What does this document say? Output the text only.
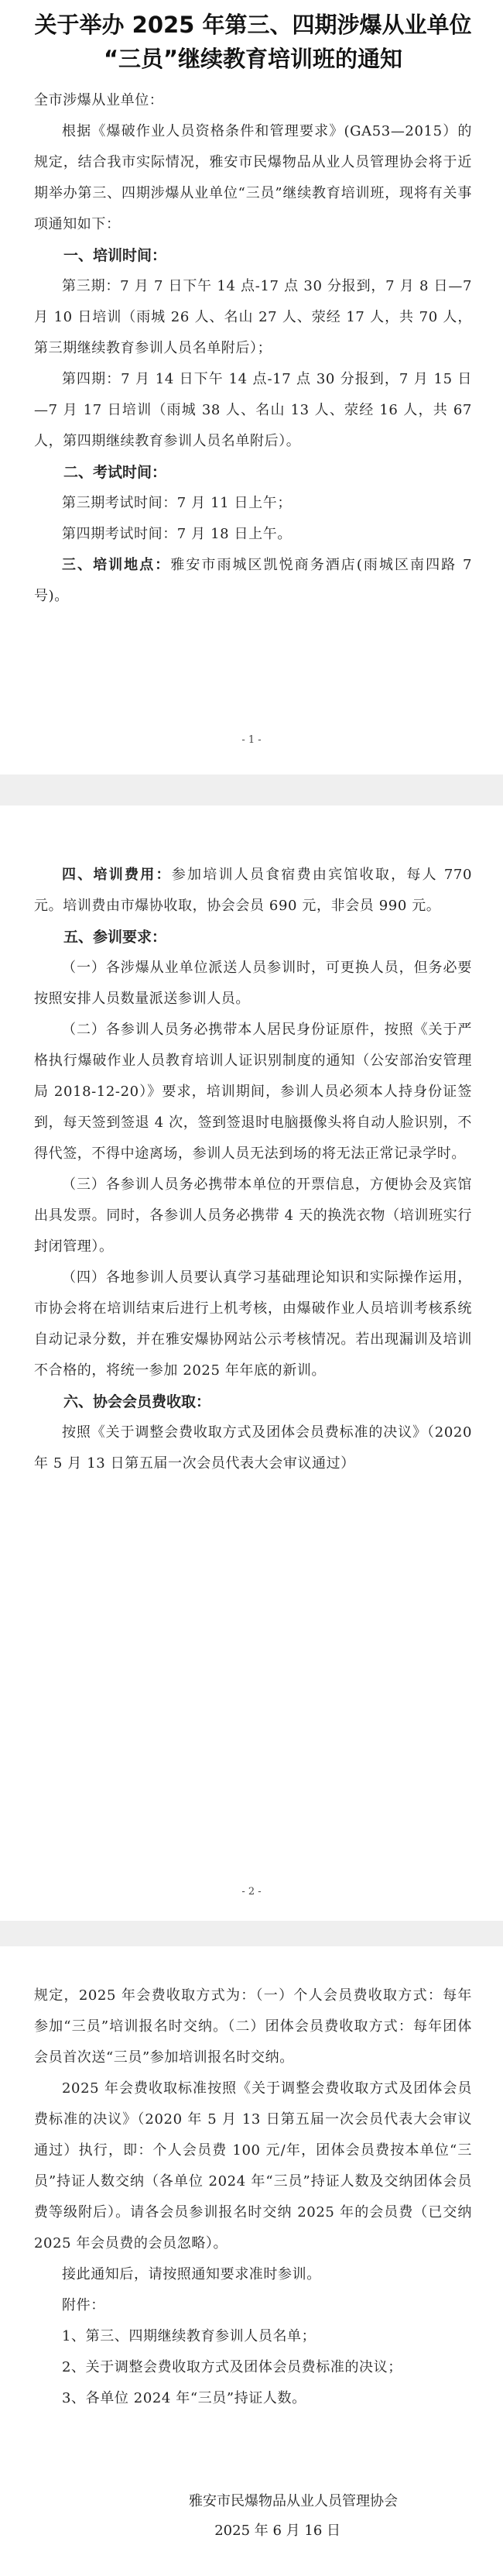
关于举办 2025 年第三、四期涉爆从业单位
“三员”继续教育培训班的通知

全市涉爆从业单位：

根据《爆破作业人员资格条件和管理要求》(GA53—2015）的规定，结合我市实际情况，雅安市民爆物品从业人员管理协会将于近期举办第三、四期涉爆从业单位“三员”继续教育培训班，现将有关事项通知如下：

一、培训时间：

第三期：7 月 7 日下午 14 点-17 点 30 分报到，7 月 8 日—7 月 10 日培训（雨城 26 人、名山 27 人、荥经 17 人，共 70 人，第三期继续教育参训人员名单附后）；

第四期：7 月 14 日下午 14 点-17 点 30 分报到，7 月 15 日—7 月 17 日培训（雨城 38 人、名山 13 人、荥经 16 人，共 67 人，第四期继续教育参训人员名单附后）。

二、考试时间：

第三期考试时间：7 月 11 日上午；

第四期考试时间：7 月 18 日上午。

三、培训地点：雅安市雨城区凯悦商务酒店(雨城区南四路 7 号)。

- 1 -

四、培训费用：参加培训人员食宿费由宾馆收取，每人 770 元。培训费由市爆协收取，协会会员 690 元，非会员 990 元。

五、参训要求：

（一）各涉爆从业单位派送人员参训时，可更换人员，但务必要按照安排人员数量派送参训人员。

（二）各参训人员务必携带本人居民身份证原件，按照《关于严格执行爆破作业人员教育培训人证识别制度的通知（公安部治安管理局 2018-12-20）》要求，培训期间，参训人员必须本人持身份证签到，每天签到签退 4 次，签到签退时电脑摄像头将自动人脸识别，不得代签，不得中途离场，参训人员无法到场的将无法正常记录学时。

（三）各参训人员务必携带本单位的开票信息，方便协会及宾馆出具发票。同时，各参训人员务必携带 4 天的换洗衣物（培训班实行封闭管理）。

（四）各地参训人员要认真学习基础理论知识和实际操作运用，市协会将在培训结束后进行上机考核，由爆破作业人员培训考核系统自动记录分数，并在雅安爆协网站公示考核情况。若出现漏训及培训不合格的，将统一参加 2025 年年底的新训。

六、协会会员费收取：

按照《关于调整会费收取方式及团体会员费标准的决议》（2020 年 5 月 13 日第五届一次会员代表大会审议通过）

- 2 -

规定，2025 年会费收取方式为：（一）个人会员费收取方式：每年参加“三员”培训报名时交纳。（二）团体会员费收取方式：每年团体会员首次送“三员”参加培训报名时交纳。

2025 年会费收取标准按照《关于调整会费收取方式及团体会员费标准的决议》（2020 年 5 月 13 日第五届一次会员代表大会审议通过）执行，即：个人会员费 100 元/年，团体会员费按本单位“三员”持证人数交纳（各单位 2024 年“三员”持证人数及交纳团体会员费等级附后）。请各会员参训报名时交纳 2025 年的会员费（已交纳 2025 年会员费的会员忽略）。

接此通知后，请按照通知要求准时参训。

附件：

1、第三、四期继续教育参训人员名单；

2、关于调整会费收取方式及团体会员费标准的决议；

3、各单位 2024 年“三员”持证人数。

雅安市民爆物品从业人员管理协会

2025 年 6 月 16 日
